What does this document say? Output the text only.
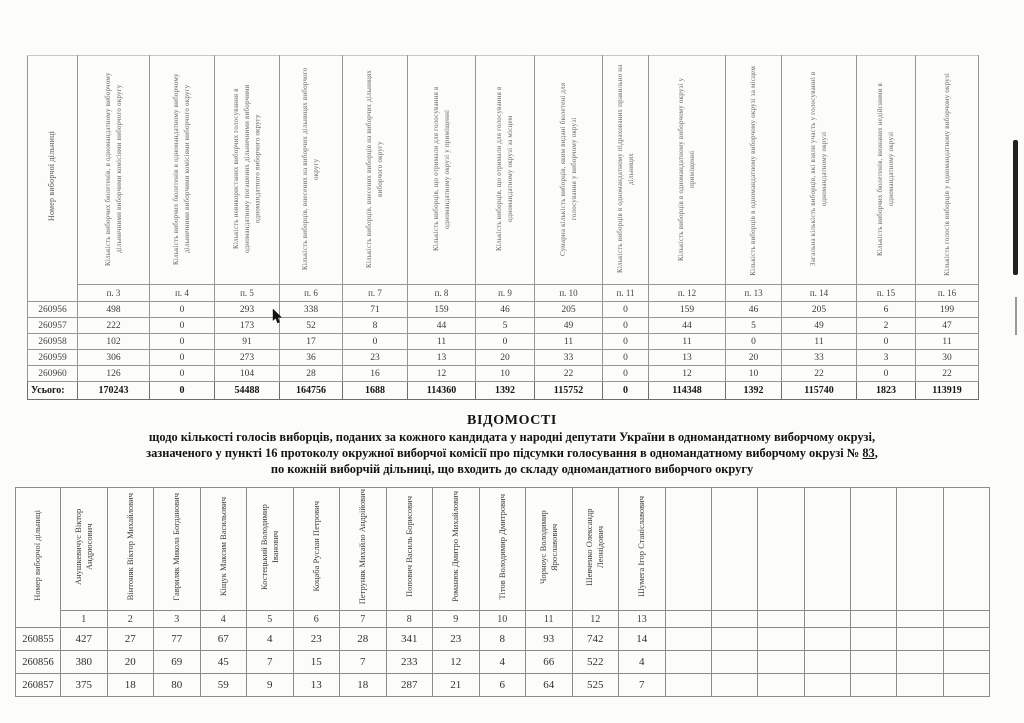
Номер виборчої дільниці	Кількість виборчих бюлетенів, в одномандатному виборчому дільничними виборчими комісіями виборчого округу	Кількість виборчих бюлетенів в одномандатному виборчому дільничними виборчими комісіями виборчого округу	Кількість невикористаних виборчих голосування в одномандатному погашених дільничними виборчими одномандатного виборчого округу	Кількість виборців, внесених на виборчих дільницях виборчого округу	Кількість виборців, внесених виборців на виборчих дільницях виборчого округу	Кількість виборців, що отримали для голосування в одномандатному окрузі у приміщенні	Кількість виборців, що отримали для голосування в одномандатному окрузі за місцем	Сумарна кількість виборців, яким видані бюлетені для голосування у виборчому окрузі	Кількість виборців в одномандатному підрахованих правильно на дільницях	Кількість виборців в одномандатному виборчому окрузі у приміщенні	Кількість виборців в одномандатному виборчому окрузі за місцем	Загальна кількість виборців, які взяли участь у голосуванні в одномандатному окрузі	Кількість виборчих бюлетенів, визнаних недійсними в одномандатному окрузі	Кількість голосів виборців у одномандатному виборчому окрузі
	п. 3	п. 4	п. 5	п. 6	п. 7	п. 8	п. 9	п. 10	п. 11	п. 12	п. 13	п. 14	п. 15	п. 16
260956	498	0	293	338	71	159	46	205	0	159	46	205	6	199
260957	222	0	173	52	8	44	5	49	0	44	5	49	2	47
260958	102	0	91	17	0	11	0	11	0	11	0	11	0	11
260959	306	0	273	36	23	13	20	33	0	13	20	33	3	30
260960	126	0	104	28	16	12	10	22	0	12	10	22	0	22
Усього:	170243	0	54488	164756	1688	114360	1392	115752	0	114348	1392	115740	1823	113919
ВІДОМОСТІ
щодо кількості голосів виборців, поданих за кожного кандидата у народні депутати України в одномандатному виборчому окрузі,
зазначеного у пункті 16 протоколу окружної виборчої комісії про підсумки голосування в одномандатному виборчому окрузі № 83,
по кожній виборчій дільниці, що входить до складу одномандатного виборчого округу
Номер виборчої дільниці	Анушкевичус Віктор Андрюсович	Вінтоняк Віктор Михайлович	Гавриляк Микола Богданович	Кіщук Максим Васильович	Костецький Володимир Іванович	Коцаба Руслан Петрович	Петруняк Михайло Андрійович	Попович Василь Борисович	Романюк Дмитро Михайлович	Тітов Володимир Дмитрович	Чорноус Володимир Ярославович	Шевченко Олександр Леонідович	Шумега Ігор Станіславович							
	1	2	3	4	5	6	7	8	9	10	11	12	13							
260855	427	27	77	67	4	23	28	341	23	8	93	742	14							
260856	380	20	69	45	7	15	7	233	12	4	66	522	4							
260857	375	18	80	59	9	13	18	287	21	6	64	525	7							
